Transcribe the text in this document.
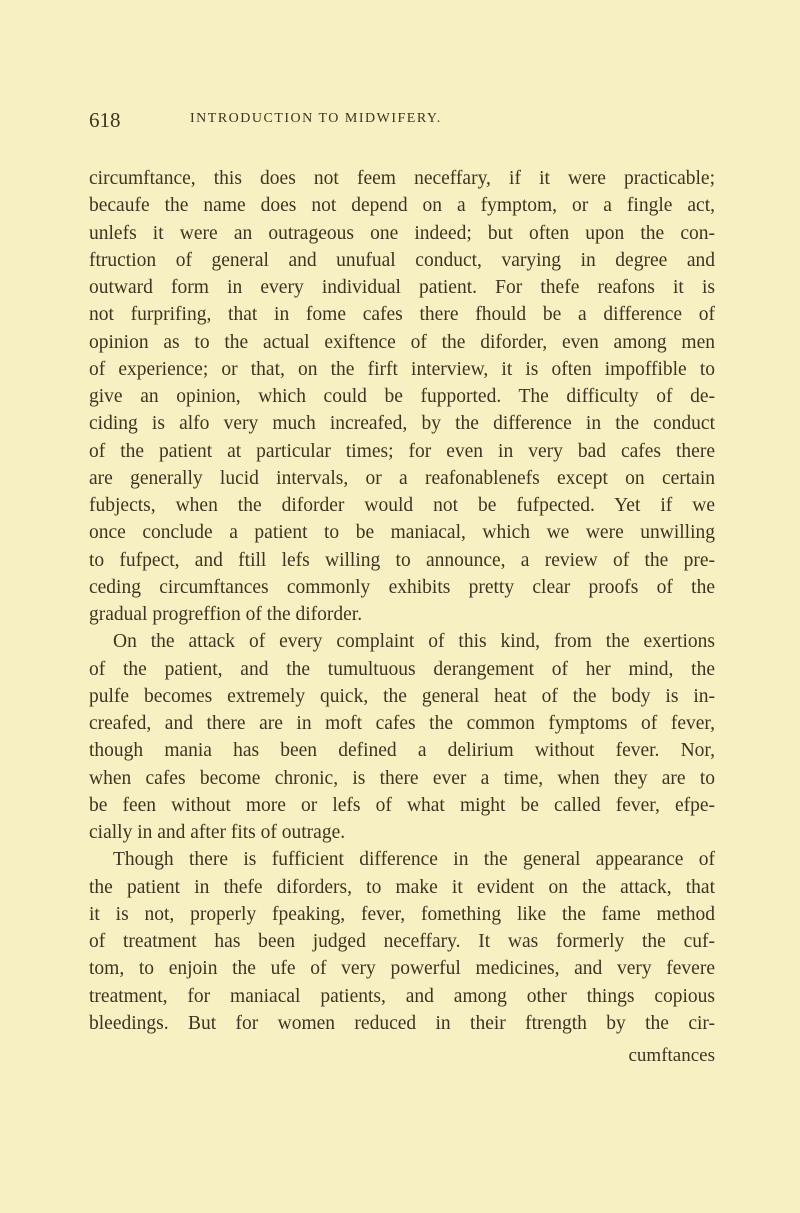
618	INTRODUCTION TO MIDWIFERY.
circumftance, this does not feem neceffary, if it were practicable;
becaufe the name does not depend on a fymptom, or a fingle act,
unlefs it were an outrageous one indeed; but often upon the con-
ftruction of general and unufual conduct, varying in degree and
outward form in every individual patient. For thefe reafons it is
not furprifing, that in fome cafes there fhould be a difference of
opinion as to the actual exiftence of the diforder, even among men
of experience; or that, on the firft interview, it is often impoffible to
give an opinion, which could be fupported. The difficulty of de-
ciding is alfo very much increafed, by the difference in the conduct
of the patient at particular times; for even in very bad cafes there
are generally lucid intervals, or a reafonablenefs except on certain
fubjects, when the diforder would not be fufpected. Yet if we
once conclude a patient to be maniacal, which we were unwilling
to fufpect, and ftill lefs willing to announce, a review of the pre-
ceding circumftances commonly exhibits pretty clear proofs of the
gradual progreffion of the diforder.
On the attack of every complaint of this kind, from the exertions
of the patient, and the tumultuous derangement of her mind, the
pulfe becomes extremely quick, the general heat of the body is in-
creafed, and there are in moft cafes the common fymptoms of fever,
though mania has been defined a delirium without fever. Nor,
when cafes become chronic, is there ever a time, when they are to
be feen without more or lefs of what might be called fever, efpe-
cially in and after fits of outrage.
Though there is fufficient difference in the general appearance of
the patient in thefe diforders, to make it evident on the attack, that
it is not, properly fpeaking, fever, fomething like the fame method
of treatment has been judged neceffary. It was formerly the cuf-
tom, to enjoin the ufe of very powerful medicines, and very fevere
treatment, for maniacal patients, and among other things copious
bleedings. But for women reduced in their ftrength by the cir-
cumftances
